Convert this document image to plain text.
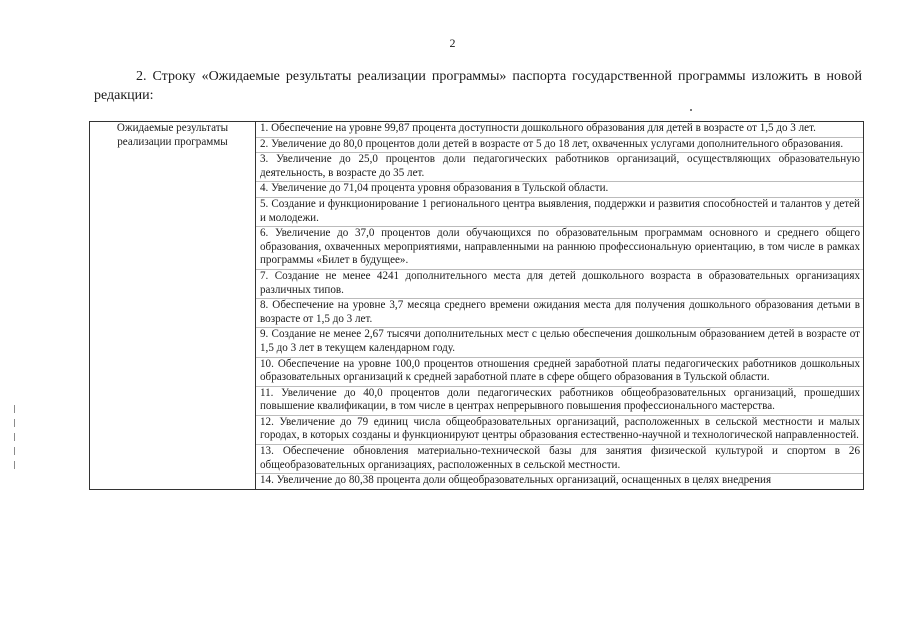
2

2. Строку «Ожидаемые результаты реализации программы» паспорта государственной программы изложить в новой редакции:

Ожидаемые результаты реализации программы	
1. Обеспечение на уровне 99,87 процента доступности дошкольного образования для детей в возрасте от 1,5 до 3 лет.
2. Увеличение до 80,0 процентов доли детей в возрасте от 5 до 18 лет, охваченных услугами дополнительного образования.
3. Увеличение до 25,0 процентов доли педагогических работников организаций, осуществляющих образовательную деятельность, в возрасте до 35 лет.
4. Увеличение до 71,04 процента уровня образования в Тульской области.
5. Создание и функционирование 1 регионального центра выявления, поддержки и развития способностей и талантов у детей и молодежи.
6. Увеличение до 37,0 процентов доли обучающихся по образовательным программам основного и среднего общего образования, охваченных мероприятиями, направленными на раннюю профессиональную ориентацию, в том числе в рамках программы «Билет в будущее».
7. Создание не менее 4241 дополнительного места для детей дошкольного возраста в образовательных организациях различных типов.
8. Обеспечение на уровне 3,7 месяца среднего времени ожидания места для получения дошкольного образования детьми в возрасте от 1,5 до 3 лет.
9. Создание не менее 2,67 тысячи дополнительных мест с целью обеспечения дошкольным образованием детей в возрасте от 1,5 до 3 лет в текущем календарном году.
10. Обеспечение на уровне 100,0 процентов отношения средней заработной платы педагогических работников дошкольных образовательных организаций к средней заработной плате в сфере общего образования в Тульской области.
11. Увеличение до 40,0 процентов доли педагогических работников общеобразовательных организаций, прошедших повышение квалификации, в том числе в центрах непрерывного повышения профессионального мастерства.
12. Увеличение до 79 единиц числа общеобразовательных организаций, расположенных в сельской местности и малых городах, в которых созданы и функционируют центры образования естественно-научной и технологической направленностей.
13. Обеспечение обновления материально-технической базы для занятия физической культурой и спортом в 26 общеобразовательных организациях, расположенных в сельской местности.
14. Увеличение до 80,38 процента доли общеобразовательных организаций, оснащенных в целях внедрения
